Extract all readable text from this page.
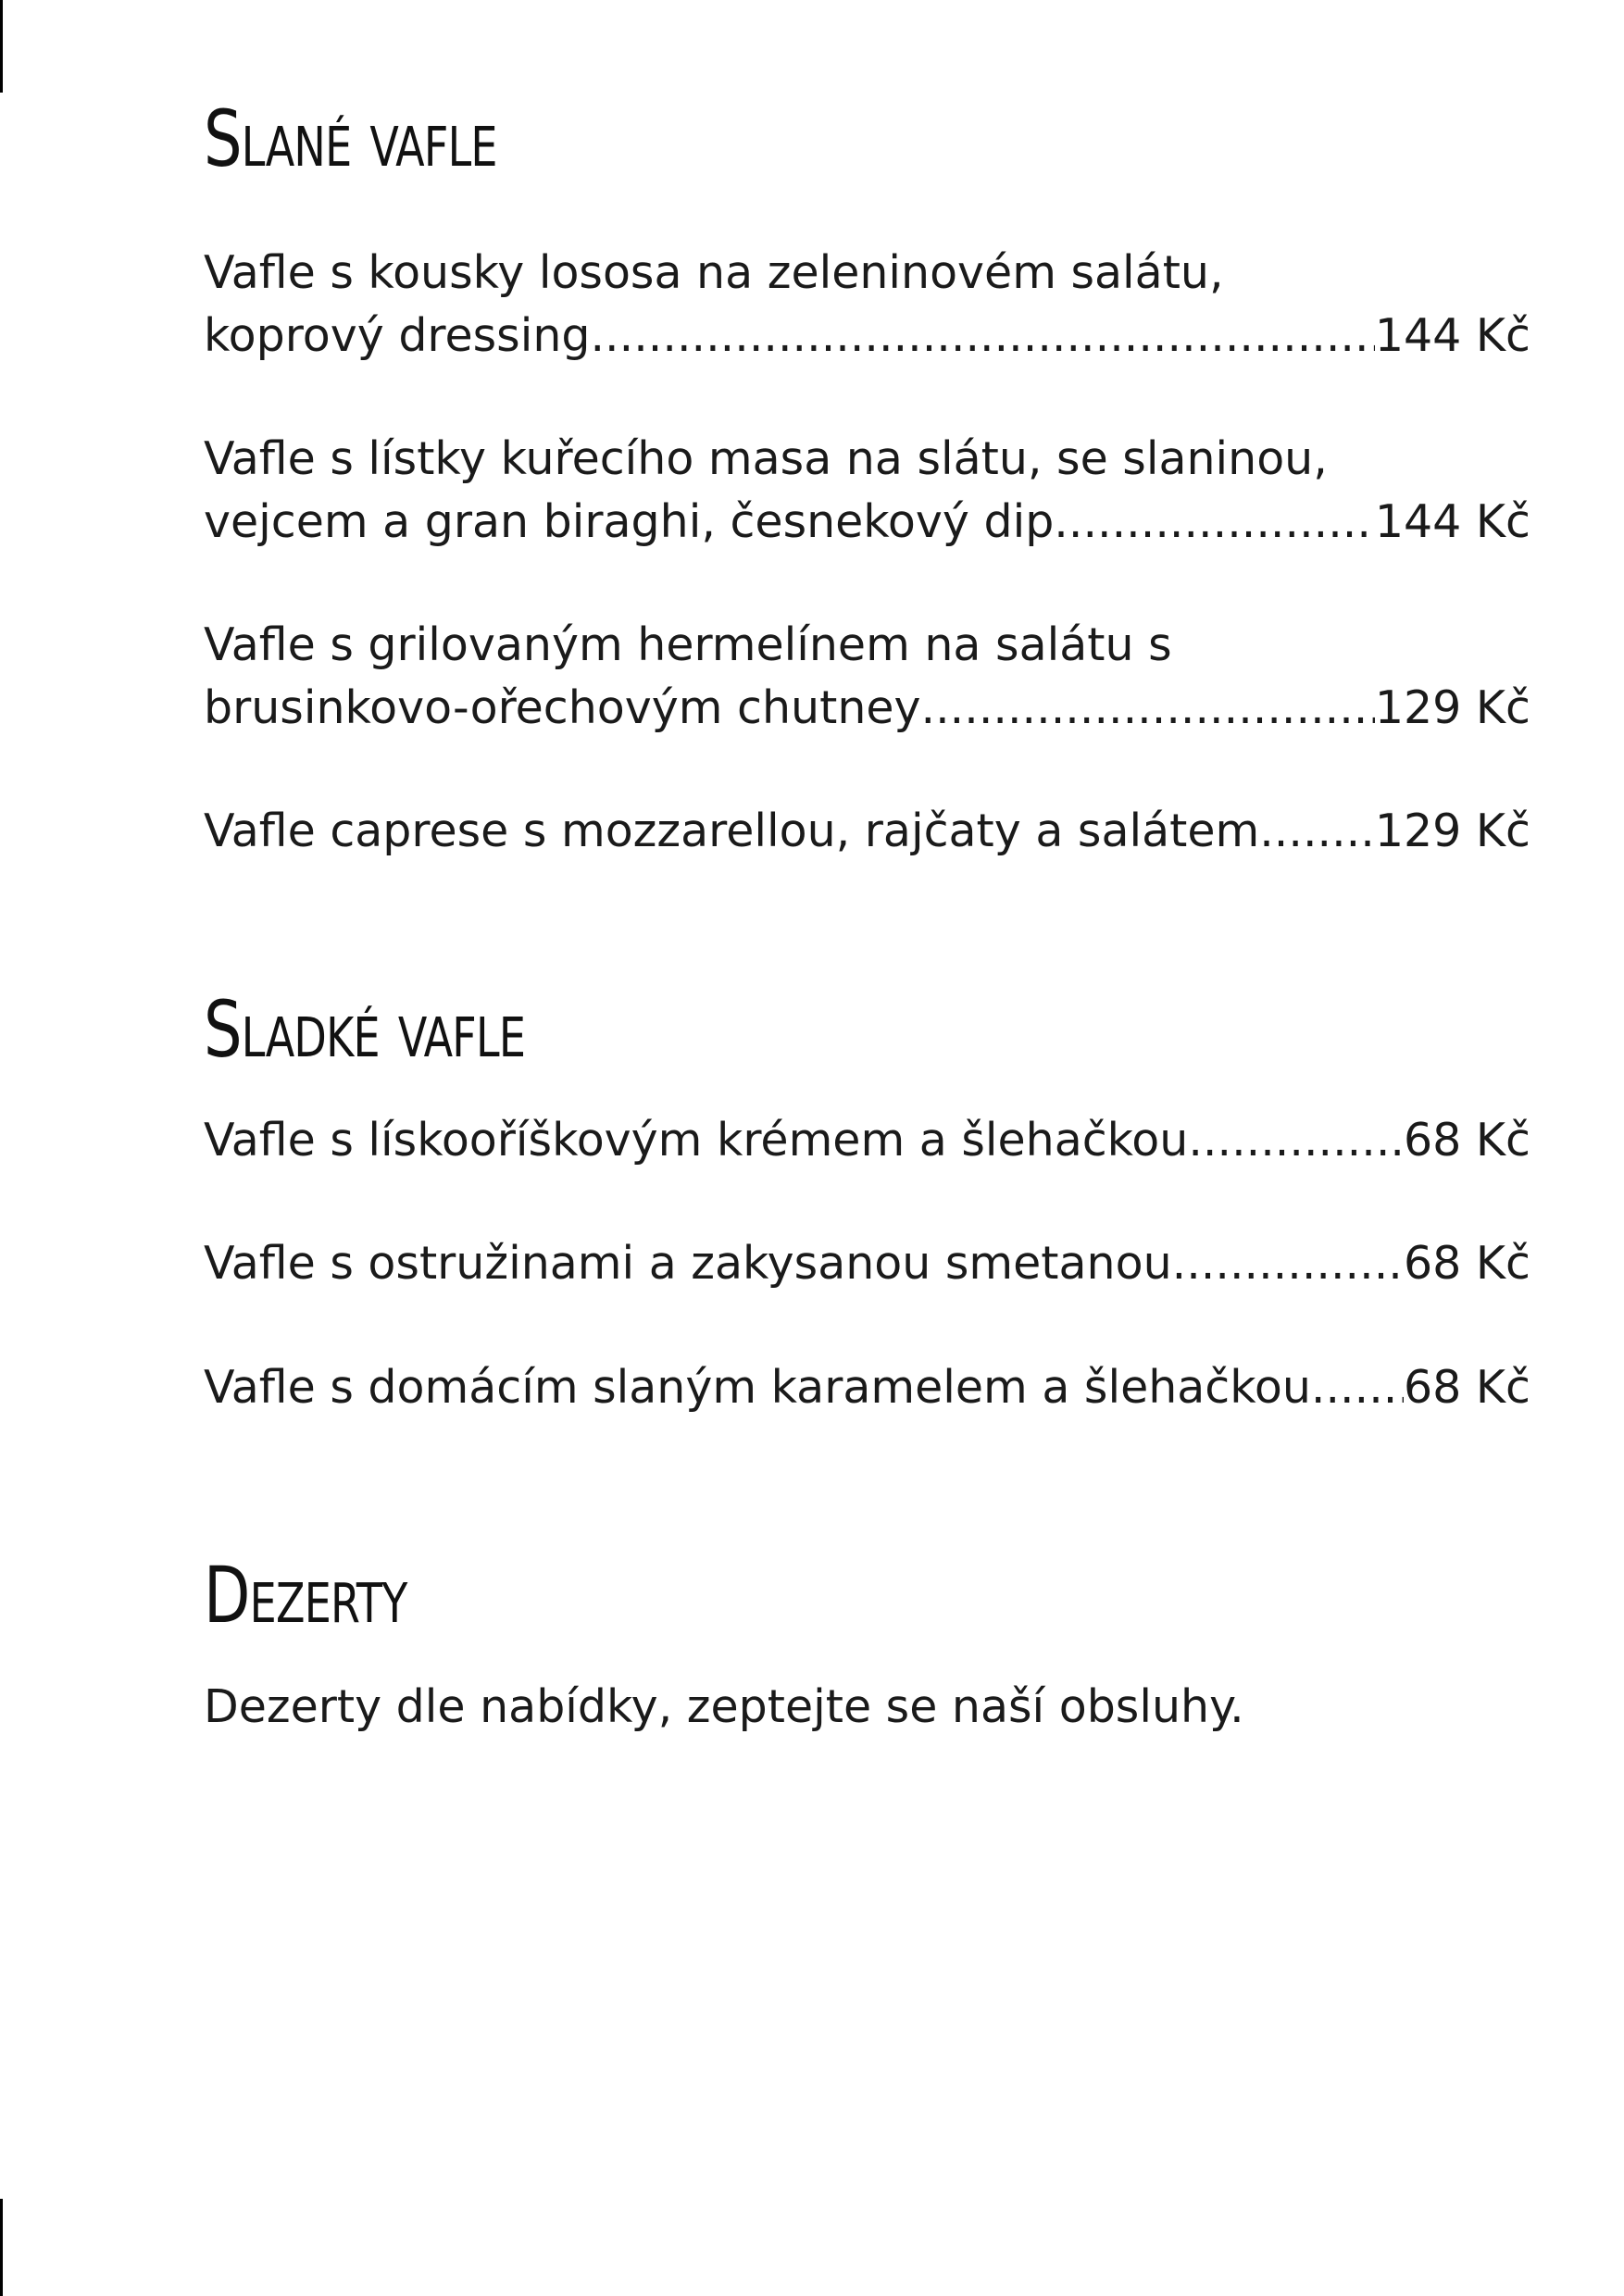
Slané vafle
Vafle s kousky lososa na zeleninovém salátu,
koprový dressing .....	144 Kč
Vafle s lístky kuřecího masa na slátu, se slaninou,
vejcem a gran biraghi, česnekový dip .....	144 Kč
Vafle s grilovaným hermelínem na salátu s
brusinkovo-ořechovým chutney .....	129 Kč
Vafle caprese s mozzarellou, rajčaty a salátem .....	129 Kč
Sladké vafle
Vafle s lískooříškovým krémem a šlehačkou .....	68 Kč
Vafle s ostružinami a zakysanou smetanou .....	68 Kč
Vafle s domácím slaným karamelem a šlehačkou ..... 68 Kč
Dezerty
Dezerty dle nabídky, zeptejte se naší obsluhy.
